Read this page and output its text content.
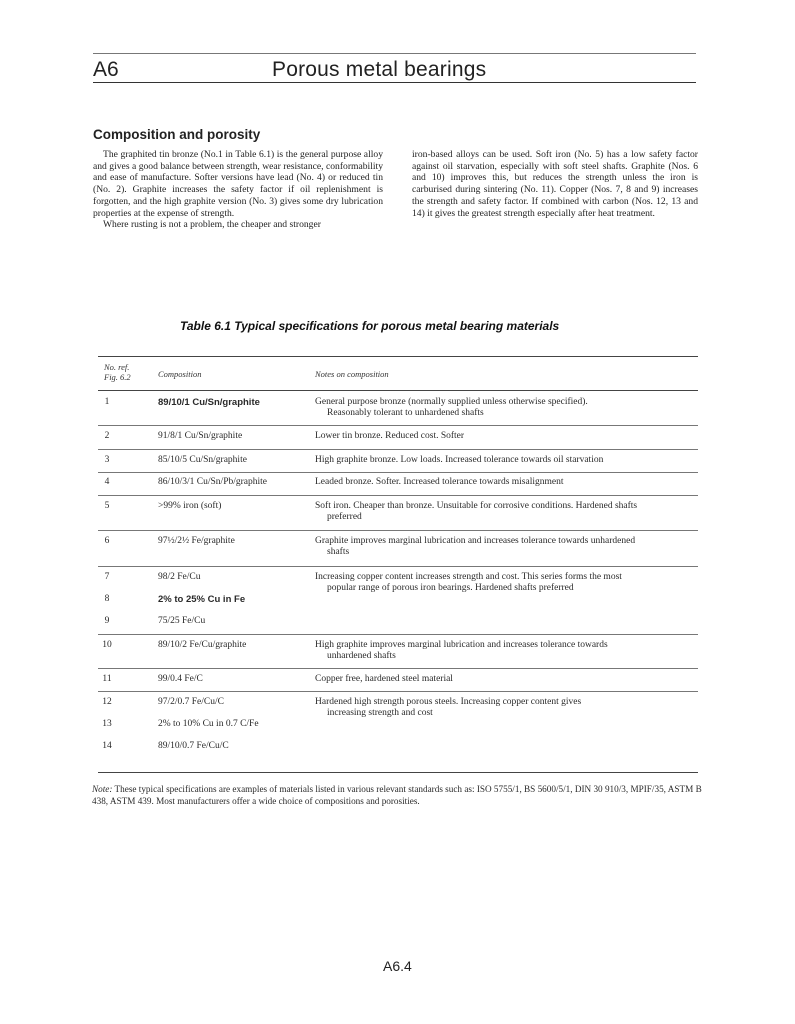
A6	Porous metal bearings
Composition and porosity

The graphited tin bronze (No.1 in Table 6.1) is the general purpose alloy and gives a good balance between strength, wear resistance, conformability and ease of manufacture. Softer versions have lead (No. 4) or reduced tin (No. 2). Graphite increases the safety factor if oil replenishment is forgotten, and the high graphite version (No. 3) gives some dry lubrication properties at the expense of strength.

Where rusting is not a problem, the cheaper and stronger

iron-based alloys can be used. Soft iron (No. 5) has a low safety factor against oil starvation, especially with soft steel shafts. Graphite (Nos. 6 and 10) improves this, but reduces the strength unless the iron is carburised during sintering (No. 11). Copper (Nos. 7, 8 and 9) increases the strength and safety factor. If combined with carbon (Nos. 12, 13 and 14) it gives the greatest strength especially after heat treatment.

Table 6.1 Typical specifications for porous metal bearing materials
No. ref.
Fig. 6.2	Composition	Notes on composition
1	89/10/1 Cu/Sn/graphite	General purpose bronze (normally supplied unless otherwise specified).
Reasonably tolerant to unhardened shafts
2	91/8/1 Cu/Sn/graphite	Lower tin bronze. Reduced cost. Softer
3	85/10/5 Cu/Sn/graphite	High graphite bronze. Low loads. Increased tolerance towards oil starvation
4	86/10/3/1 Cu/Sn/Pb/graphite	Leaded bronze. Softer. Increased tolerance towards misalignment
5	>99% iron (soft)	Soft iron. Cheaper than bronze. Unsuitable for corrosive conditions. Hardened shafts
preferred
6	97½/2½ Fe/graphite	Graphite improves marginal lubrication and increases tolerance towards unhardened
shafts
7	98/2 Fe/Cu	Increasing copper content increases strength and cost. This series forms the most
popular range of porous iron bearings. Hardened shafts preferred
8	2% to 25% Cu in Fe
9	75/25 Fe/Cu
10	89/10/2 Fe/Cu/graphite	High graphite improves marginal lubrication and increases tolerance towards
unhardened shafts
11	99/0.4 Fe/C	Copper free, hardened steel material
12	97/2/0.7 Fe/Cu/C	Hardened high strength porous steels. Increasing copper content gives
increasing strength and cost
13	2% to 10% Cu in 0.7 C/Fe
14	89/10/0.7 Fe/Cu/C
Note: These typical specifications are examples of materials listed in various relevant standards such as: ISO 5755/1, BS 5600/5/1, DIN 30 910/3, MPIF/35, ASTM B 438, ASTM 439. Most manufacturers offer a wide choice of compositions and porosities.
A6.4
